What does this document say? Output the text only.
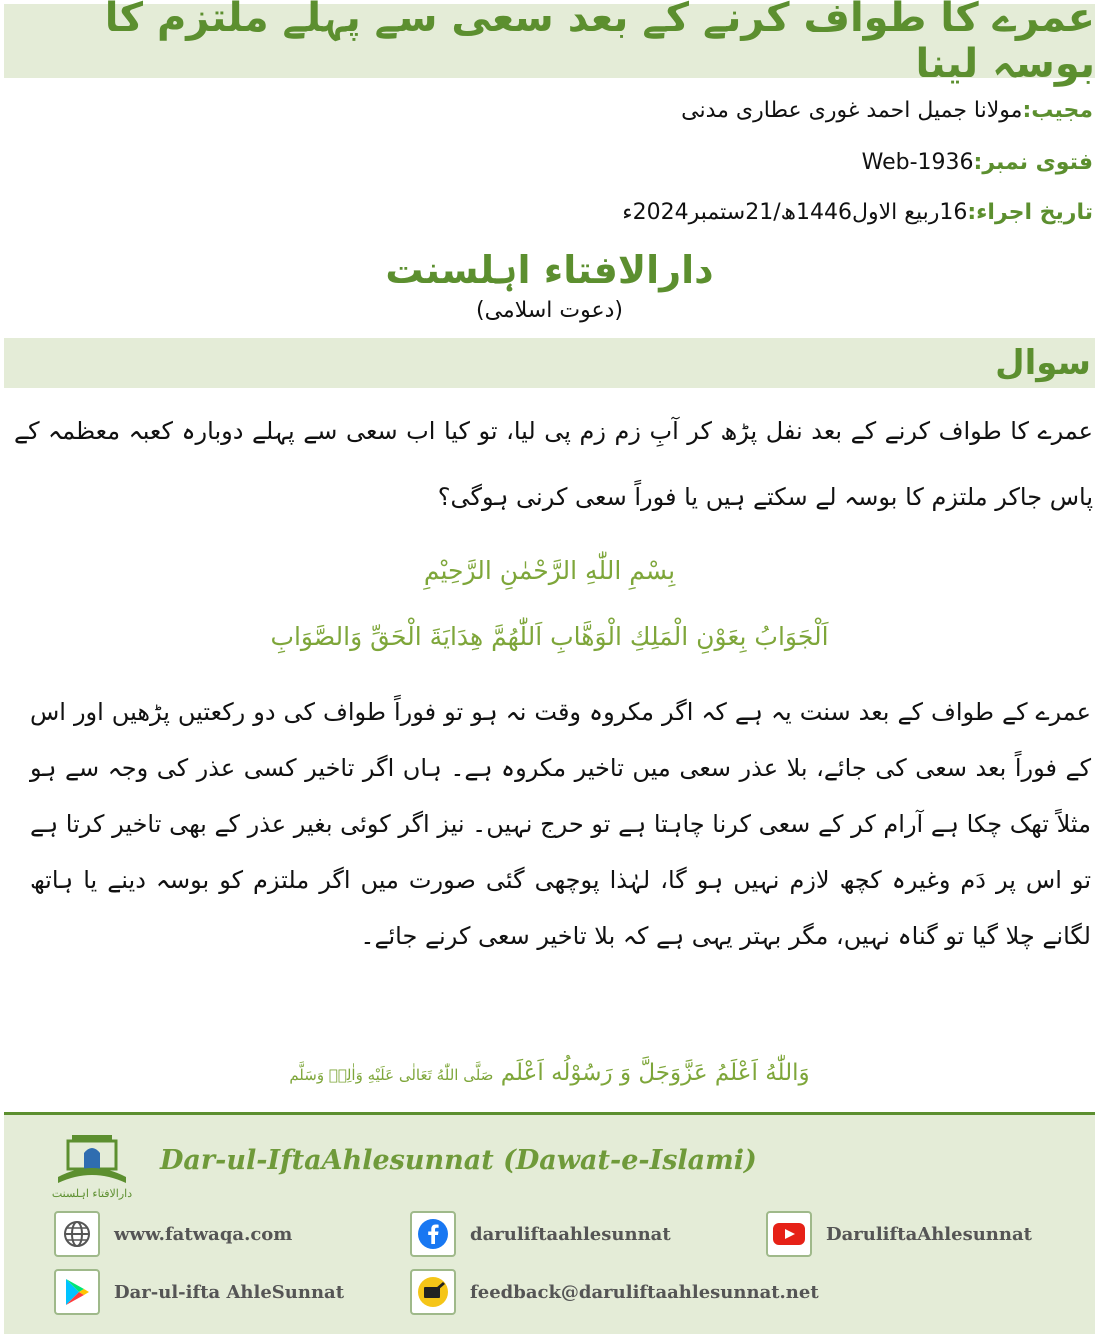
عمرے کا طواف کرنے کے بعد سعی سے پہلے ملتزم کا بوسہ لینا
مجیب:مولانا جمیل احمد غوری عطاری مدنی
فتوی نمبر:Web-1936
تاریخ اجراء:16ربیع الاول1446ھ/21ستمبر2024ء
دارالافتاء اہلسنت
(دعوت اسلامی)
سوال

عمرے کا طواف کرنے کے بعد نفل پڑھ کر آبِ زم زم پی لیا، تو کیا اب سعی سے پہلے دوبارہ کعبہ معظمہ کے پاس جاکر ملتزم کا بوسہ لے سکتے ہیں یا فوراً سعی کرنی ہوگی؟

بِسْمِ اللّٰهِ الرَّحْمٰنِ الرَّحِيْمِ
اَلْجَوَابُ بِعَوْنِ الْمَلِكِ الْوَهَّابِ اَللّٰهُمَّ هِدَايَةَ الْحَقِّ وَالصَّوَابِ

عمرے کے طواف کے بعد سنت یہ ہے کہ اگر مکروہ وقت نہ ہو تو فوراً طواف کی دو رکعتیں پڑھیں اور اس کے فوراً بعد سعی کی جائے، بلا عذر سعی میں تاخیر مکروہ ہے۔ ہاں اگر تاخیر کسی عذر کی وجہ سے ہو مثلاً تھک چکا ہے آرام کر کے سعی کرنا چاہتا ہے تو حرج نہیں۔ نیز اگر کوئی بغیر عذر کے بھی تاخیر کرتا ہے تو اس پر دَم وغیرہ کچھ لازم نہیں ہو گا، لہٰذا پوچھی گئی صورت میں اگر ملتزم کو بوسہ دینے یا ہاتھ لگانے چلا گیا تو گناہ نہیں، مگر بہتر یہی ہے کہ بلا تاخیر سعی کرنے جائے۔

وَاللّٰهُ اَعْلَمُ عَزَّوَجَلَّ وَ رَسُوْلُه اَعْلَم صَلَّى اللّٰهُ تَعَالٰى عَلَيْهِ وَاٰلِهٖ وَسَلَّم
دارالافتاء اہلسنت
Dar-ul-IftaAhlesunnat (Dawat-e-Islami)
www.fatwaqa.com	daruliftaahlesunnat	DaruliftaAhlesunnat
Dar-ul-ifta AhleSunnat	feedback@daruliftaahlesunnat.net
